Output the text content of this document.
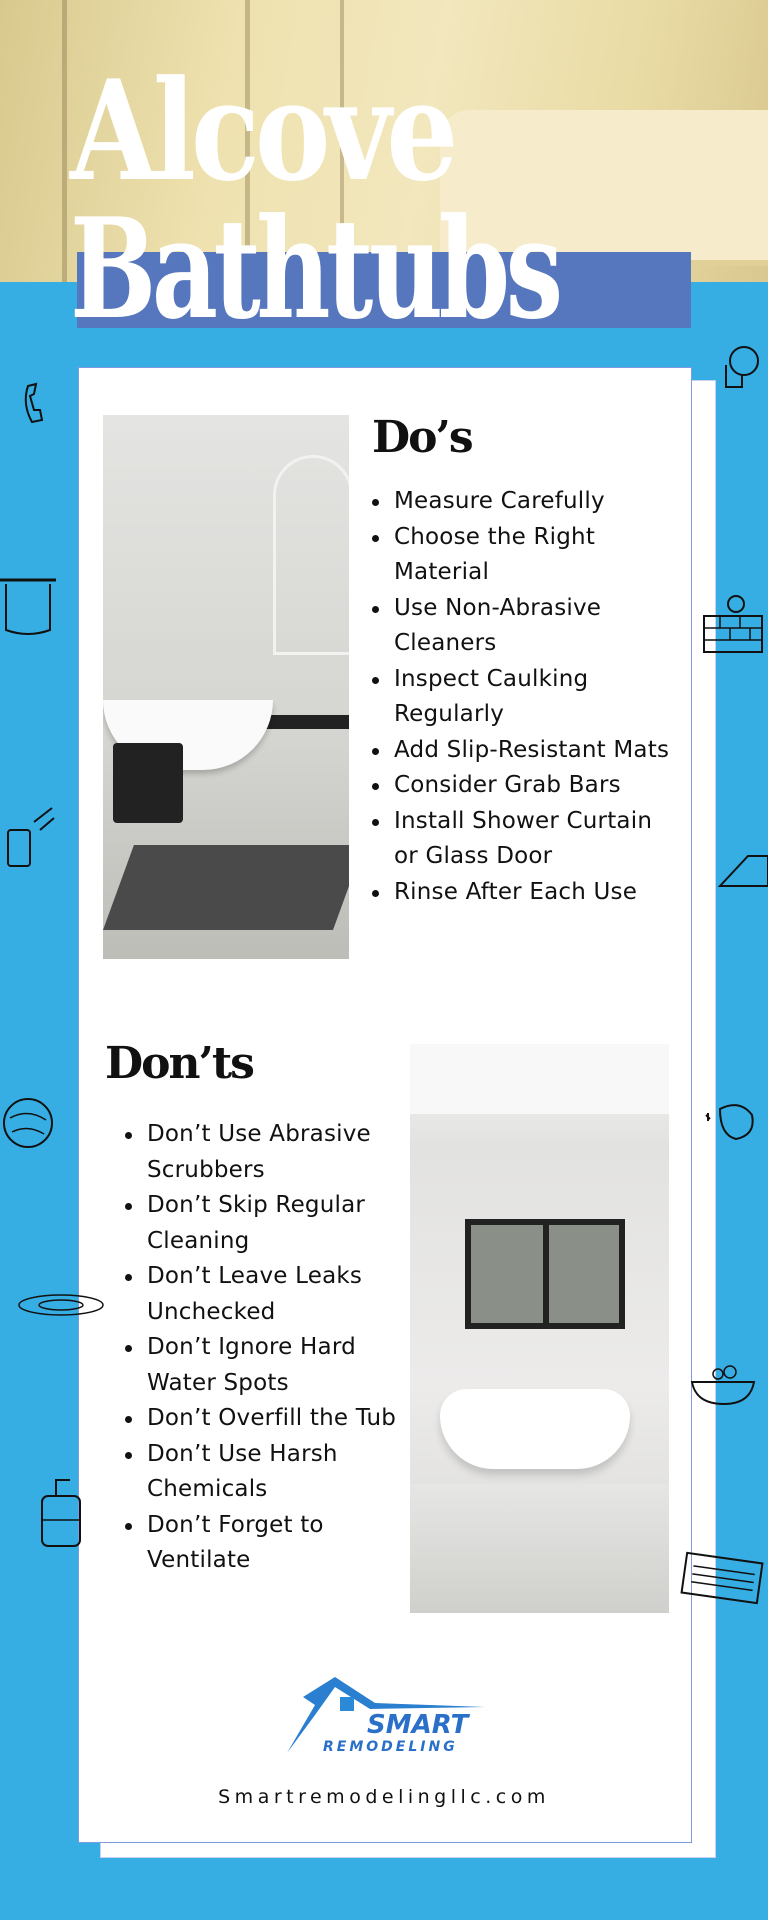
Alcove
Bathtubs
Do’s
Measure Carefully
Choose the Right Material
Use Non-Abrasive Cleaners
Inspect Caulking Regularly
Add Slip-Resistant Mats
Consider Grab Bars
Install Shower Curtain or Glass Door
Rinse After Each Use
Don’ts
Don’t Use Abrasive Scrubbers
Don’t Skip Regular Cleaning
Don’t Leave Leaks Unchecked
Don’t Ignore Hard Water Spots
Don’t Overfill the Tub
Don’t Use Harsh Chemicals
Don’t Forget to Ventilate
SMART
REMODELING
Smartremodelingllc.com
